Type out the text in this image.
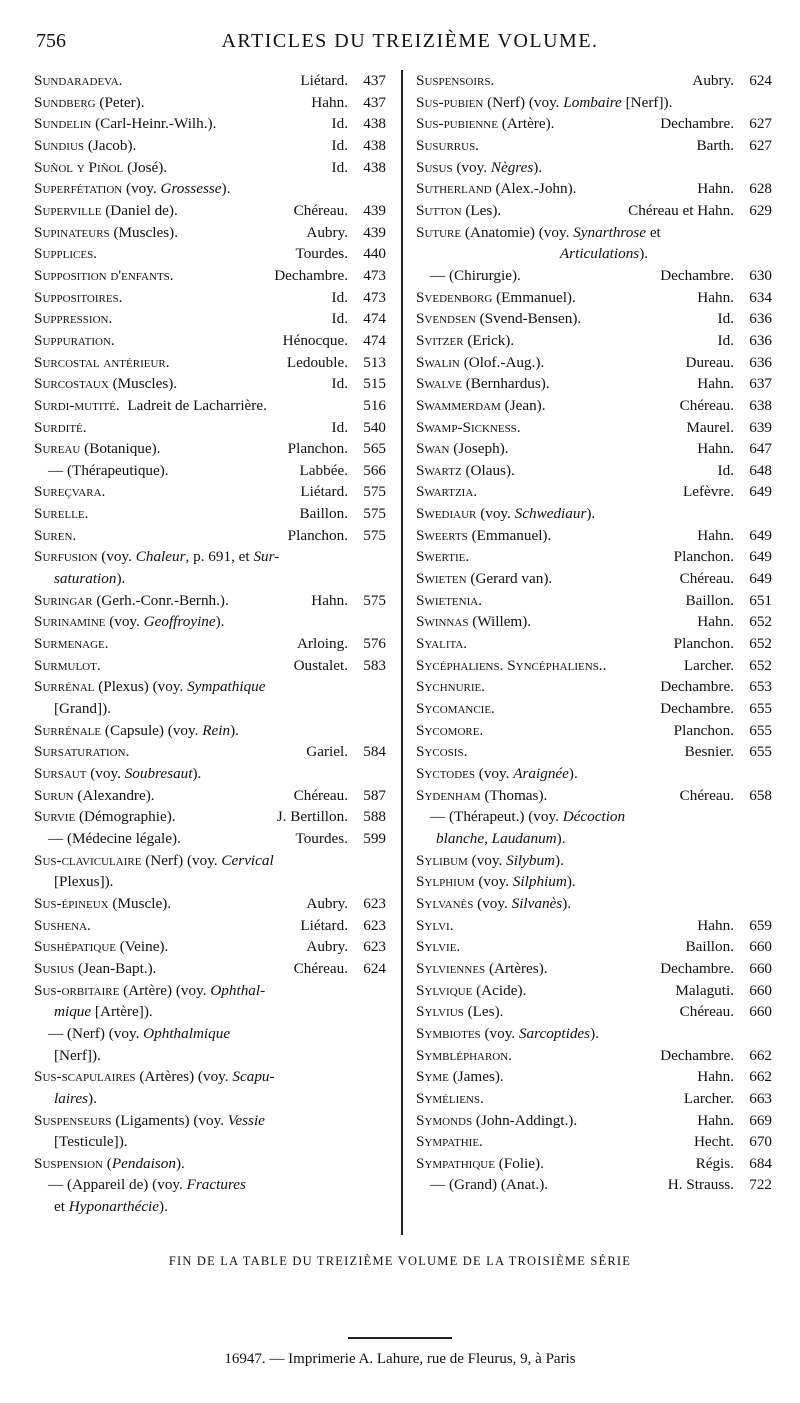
756	ARTICLES DU TREIZIÈME VOLUME.
Sundaradeva.	Liétard.	437
Sundberg (Peter).	Hahn.	437
Sundelin (Carl-Heinr.-Wilh.).	Id.	438
Sundius (Jacob).	Id.	438
Suñol y Piñol (José).	Id.	438
Superfétation (voy. Grossesse).
Superville (Daniel de).	Chéreau.	439
Supinateurs (Muscles).	Aubry.	439
Supplices.	Tourdes.	440
Supposition d'enfants.	Dechambre.	473
Suppositoires.	Id.	473
Suppression.	Id.	474
Suppuration.	Hénocque.	474
Surcostal antérieur.	Ledouble.	513
Surcostaux (Muscles).	Id.	515
Surdi-mutité.  Ladreit de Lacharrière.	516
Surdité.	Id.	540
Sureau (Botanique).	Planchon.	565
— (Thérapeutique).	Labbée.	566
Sureçvara.	Liétard.	575
Surelle.	Baillon.	575
Suren.	Planchon.	575
Surfusion (voy. Chaleur, p. 691, et Sur-
saturation).
Suringar (Gerh.-Conr.-Bernh.).	Hahn.	575
Surinamine (voy. Geoffroyine).
Surmenage.	Arloing.	576
Surmulot.	Oustalet.	583
Surrénal (Plexus) (voy. Sympathique
[Grand]).
Surrénale (Capsule) (voy. Rein).
Sursaturation.	Gariel.	584
Sursaut (voy. Soubresaut).
Surun (Alexandre).	Chéreau.	587
Survie (Démographie).	J. Bertillon.	588
— (Médecine légale).	Tourdes.	599
Sus-claviculaire (Nerf) (voy. Cervical
[Plexus]).
Sus-épineux (Muscle).	Aubry.	623
Sushena.	Liétard.	623
Sushépatique (Veine).	Aubry.	623
Susius (Jean-Bapt.).	Chéreau.	624
Sus-orbitaire (Artère) (voy. Ophthal-
mique [Artère]).
— (Nerf) (voy. Ophthalmique
[Nerf]).
Sus-scapulaires (Artères) (voy. Scapu-
laires).
Suspenseurs (Ligaments) (voy. Vessie
[Testicule]).
Suspension (Pendaison).
— (Appareil de) (voy. Fractures
et Hyponarthécie).
Suspensoirs.	Aubry.	624
Sus-pubien (Nerf) (voy. Lombaire [Nerf]).
Sus-pubienne (Artère).	Dechambre.	627
Susurrus.	Barth.	627
Susus (voy. Nègres).
Sutherland (Alex.-John).	Hahn.	628
Sutton (Les).	Chéreau et Hahn.	629
Suture (Anatomie) (voy. Synarthrose et
Articulations).
— (Chirurgie).	Dechambre.	630
Svedenborg (Emmanuel).	Hahn.	634
Svendsen (Svend-Bensen).	Id.	636
Svitzer (Erick).	Id.	636
Swalin (Olof.-Aug.).	Dureau.	636
Swalve (Bernhardus).	Hahn.	637
Swammerdam (Jean).	Chéreau.	638
Swamp-Sickness.	Maurel.	639
Swan (Joseph).	Hahn.	647
Swartz (Olaus).	Id.	648
Swartzia.	Lefèvre.	649
Swediaur (voy. Schwediaur).
Sweerts (Emmanuel).	Hahn.	649
Swertie.	Planchon.	649
Swieten (Gerard van).	Chéreau.	649
Swietenia.	Baillon.	651
Swinnas (Willem).	Hahn.	652
Syalita.	Planchon.	652
Sycéphaliens. Syncéphaliens..	Larcher.	652
Sychnurie.	Dechambre.	653
Sycomancie.	Dechambre.	655
Sycomore.	Planchon.	655
Sycosis.	Besnier.	655
Syctodes (voy. Araignée).
Sydenham (Thomas).	Chéreau.	658
— (Thérapeut.) (voy. Décoction
blanche, Laudanum).
Sylibum (voy. Silybum).
Sylphium (voy. Silphium).
Sylvanès (voy. Silvanès).
Sylvi.	Hahn.	659
Sylvie.	Baillon.	660
Sylviennes (Artères).	Dechambre.	660
Sylvique (Acide).	Malaguti.	660
Sylvius (Les).	Chéreau.	660
Symbiotes (voy. Sarcoptides).
Symblépharon.	Dechambre.	662
Syme (James).	Hahn.	662
Syméliens.	Larcher.	663
Symonds (John-Addingt.).	Hahn.	669
Sympathie.	Hecht.	670
Sympathique (Folie).	Régis.	684
— (Grand) (Anat.).	H. Strauss.	722
FIN DE LA TABLE DU TREIZIÈME VOLUME DE LA TROISIÈME SÉRIE
16947. — Imprimerie A. Lahure, rue de Fleurus, 9, à Paris
